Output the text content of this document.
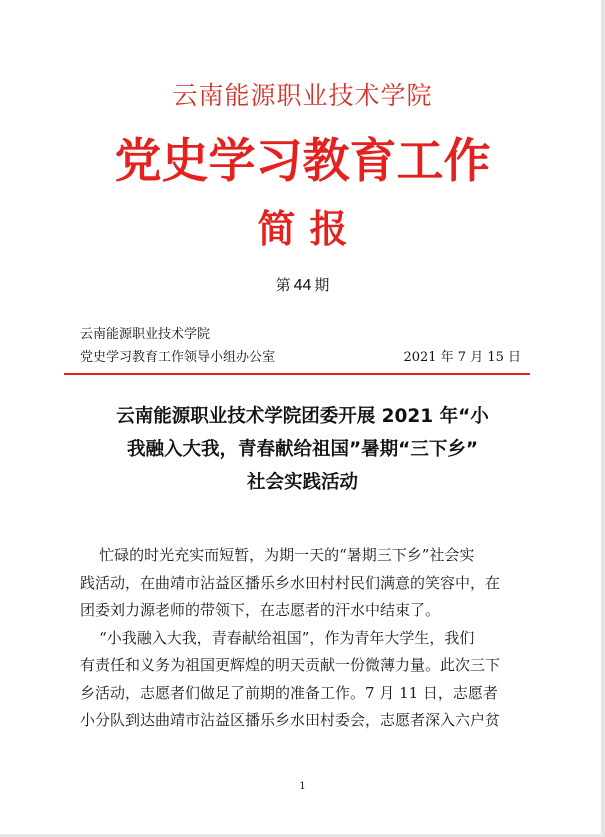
云南能源职业技术学院
党史学习教育工作
简报
第 44 期
云南能源职业技术学院
党史学习教育工作领导小组办公室	2021 年 7 月 15 日
云南能源职业技术学院团委开展 2021 年“小
我融入大我，青春献给祖国”暑期“三下乡”
社会实践活动
忙碌的时光充实而短暂，为期一天的“暑期三下乡”社会实
践活动，在曲靖市沾益区播乐乡水田村村民们满意的笑容中，在
团委刘力源老师的带领下，在志愿者的汗水中结束了。
“小我融入大我，青春献给祖国”，作为青年大学生，我们
有责任和义务为祖国更辉煌的明天贡献一份微薄力量。此次三下
乡活动，志愿者们做足了前期的准备工作。7 月 11 日，志愿者
小分队到达曲靖市沾益区播乐乡水田村委会，志愿者深入六户贫
1
